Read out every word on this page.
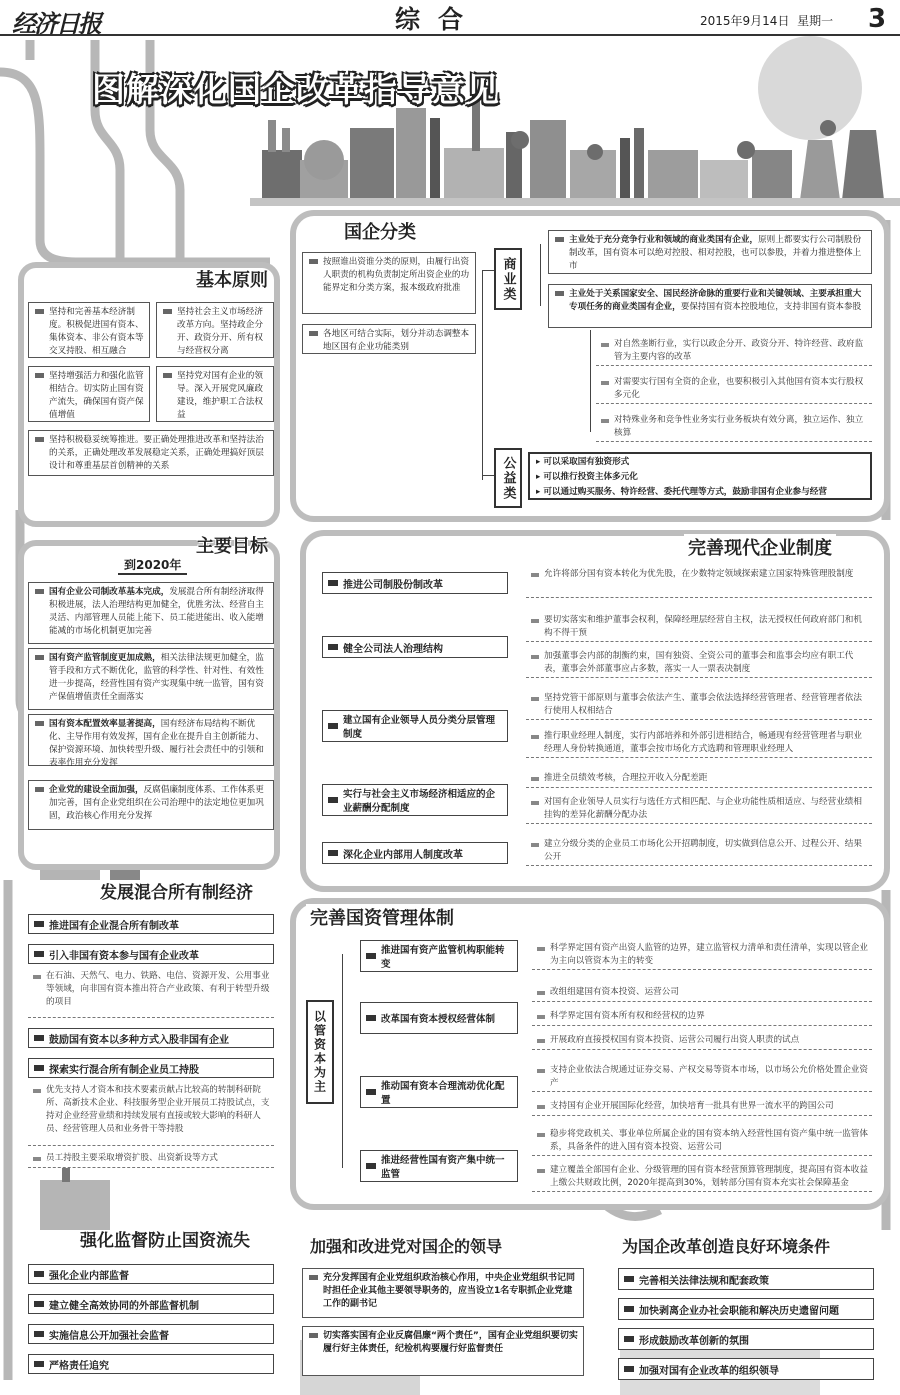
经济日报	综合	2015年9月14日 星期一 3
图解深化国企改革指导意见
基本原则
坚持和完善基本经济制度。积极促进国有资本、集体资本、非公有资本等交叉持股、相互融合
坚持社会主义市场经济改革方向。坚持政企分开、政资分开、所有权与经营权分离
坚持增强活力和强化监管相结合。切实防止国有资产流失，确保国有资产保值增值
坚持党对国有企业的领导。深入开展党风廉政建设，维护职工合法权益
坚持积极稳妥统筹推进。要正确处理推进改革和坚持法治的关系，正确处理改革发展稳定关系，正确处理搞好顶层设计和尊重基层首创精神的关系
主要目标
到2020年
国有企业公司制改革基本完成，发展混合所有制经济取得积极进展，法人治理结构更加健全，优胜劣汰、经营自主灵活、内部管理人员能上能下、员工能进能出、收入能增能减的市场化机制更加完善
国有资产监管制度更加成熟，相关法律法规更加健全，监管手段和方式不断优化，监管的科学性、针对性、有效性进一步提高，经营性国有资产实现集中统一监管，国有资产保值增值责任全面落实
国有资本配置效率显著提高，国有经济布局结构不断优化、主导作用有效发挥，国有企业在提升自主创新能力、保护资源环境、加快转型升级、履行社会责任中的引领和表率作用充分发挥
企业党的建设全面加强，反腐倡廉制度体系、工作体系更加完善，国有企业党组织在公司治理中的法定地位更加巩固，政治核心作用充分发挥
发展混合所有制经济
推进国有企业混合所有制改革
引入非国有资本参与国有企业改革
在石油、天然气、电力、铁路、电信、资源开发、公用事业等领域，向非国有资本推出符合产业政策、有利于转型升级的项目
鼓励国有资本以多种方式入股非国有企业
探索实行混合所有制企业员工持股
优先支持人才资本和技术要素贡献占比较高的转制科研院所、高新技术企业、科技服务型企业开展员工持股试点，支持对企业经营业绩和持续发展有直接或较大影响的科研人员、经营管理人员和业务骨干等持股
员工持股主要采取增资扩股、出资新设等方式
强化监督防止国资流失
强化企业内部监督
建立健全高效协同的外部监督机制
实施信息公开加强社会监督
严格责任追究
国企分类
按照谁出资谁分类的原则，由履行出资人职责的机构负责制定所出资企业的功能界定和分类方案，报本级政府批准
各地区可结合实际，划分并动态调整本地区国有企业功能类别
商业类
公益类
主业处于充分竞争行业和领域的商业类国有企业，原则上都要实行公司制股份制改革，国有资本可以绝对控股、相对控股，也可以参股，并着力推进整体上市
主业处于关系国家安全、国民经济命脉的重要行业和关键领域、主要承担重大专项任务的商业类国有企业，要保持国有资本控股地位，支持非国有资本参股
对自然垄断行业，实行以政企分开、政资分开、特许经营、政府监管为主要内容的改革
对需要实行国有全资的企业，也要积极引入其他国有资本实行股权多元化
对特殊业务和竞争性业务实行业务板块有效分离，独立运作、独立核算
▸ 可以采取国有独资形式
▸ 可以推行投资主体多元化
▸ 可以通过购买服务、特许经营、委托代理等方式，鼓励非国有企业参与经营
完善现代企业制度
推进公司制股份制改革
允许将部分国有资本转化为优先股，在少数特定领域探索建立国家特殊管理股制度
健全公司法人治理结构
要切实落实和维护董事会权利，保障经理层经营自主权，法无授权任何政府部门和机构不得干预
加强董事会内部的制衡约束，国有独资、全资公司的董事会和监事会均应有职工代表，董事会外部董事应占多数，落实一人一票表决制度
建立国有企业领导人员分类分层管理制度
坚持党管干部原则与董事会依法产生、董事会依法选择经营管理者、经营管理者依法行使用人权相结合
推行职业经理人制度，实行内部培养和外部引进相结合，畅通现有经营管理者与职业经理人身份转换通道，董事会按市场化方式选聘和管理职业经理人
实行与社会主义市场经济相适应的企业薪酬分配制度
推进全员绩效考核，合理拉开收入分配差距
对国有企业领导人员实行与选任方式相匹配、与企业功能性质相适应、与经营业绩相挂钩的差异化薪酬分配办法
深化企业内部用人制度改革
建立分级分类的企业员工市场化公开招聘制度，切实做到信息公开、过程公开、结果公开
完善国资管理体制
以管资本为主
推进国有资产监管机构职能转变
科学界定国有资产出资人监管的边界，建立监管权力清单和责任清单，实现以管企业为主向以管资本为主的转变
改革国有资本授权经营体制
改组组建国有资本投资、运营公司
科学界定国有资本所有权和经营权的边界
开展政府直接授权国有资本投资、运营公司履行出资人职责的试点
推动国有资本合理流动优化配置
支持企业依法合规通过证券交易、产权交易等资本市场，以市场公允价格处置企业资产
支持国有企业开展国际化经营，加快培育一批具有世界一流水平的跨国公司
推进经营性国有资产集中统一监管
稳步将党政机关、事业单位所属企业的国有资本纳入经营性国有资产集中统一监管体系，具备条件的进入国有资本投资、运营公司
建立覆盖全部国有企业、分级管理的国有资本经营预算管理制度，提高国有资本收益上缴公共财政比例，2020年提高到30%，划转部分国有资本充实社会保障基金
加强和改进党对国企的领导
充分发挥国有企业党组织政治核心作用，中央企业党组织书记同时担任企业其他主要领导职务的，应当设立1名专职抓企业党建工作的副书记
切实落实国有企业反腐倡廉“两个责任”，国有企业党组织要切实履行好主体责任，纪检机构要履行好监督责任
为国企改革创造良好环境条件
完善相关法律法规和配套政策
加快剥离企业办社会职能和解决历史遗留问题
形成鼓励改革创新的氛围
加强对国有企业改革的组织领导
